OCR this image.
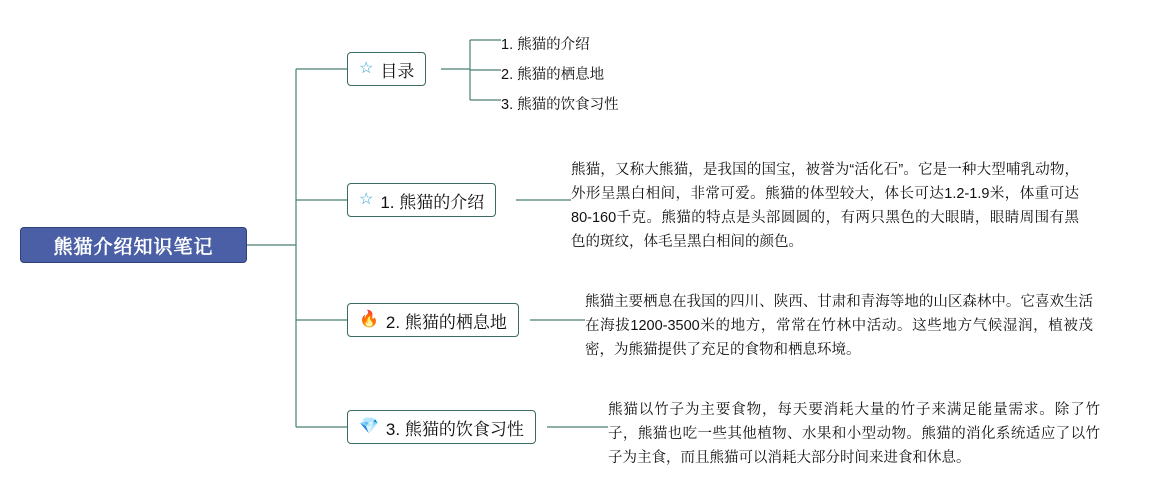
熊猫介绍知识笔记
☆ 目录
1. 熊猫的介绍
2. 熊猫的栖息地
3. 熊猫的饮食习性
☆ 1. 熊猫的介绍
熊猫，又称大熊猫，是我国的国宝，被誉为“活化石”。它是一种大型哺乳动物，外形呈黑白相间，非常可爱。熊猫的体型较大，体长可达1.2-1.9米，体重可达80-160千克。熊猫的特点是头部圆圆的，有两只黑色的大眼睛，眼睛周围有黑色的斑纹，体毛呈黑白相间的颜色。
🔥 2. 熊猫的栖息地
熊猫主要栖息在我国的四川、陕西、甘肃和青海等地的山区森林中。它喜欢生活在海拔1200-3500米的地方，常常在竹林中活动。这些地方气候湿润，植被茂密，为熊猫提供了充足的食物和栖息环境。
💎 3. 熊猫的饮食习性
熊猫以竹子为主要食物，每天要消耗大量的竹子来满足能量需求。除了竹子，熊猫也吃一些其他植物、水果和小型动物。熊猫的消化系统适应了以竹子为主食，而且熊猫可以消耗大部分时间来进食和休息。
